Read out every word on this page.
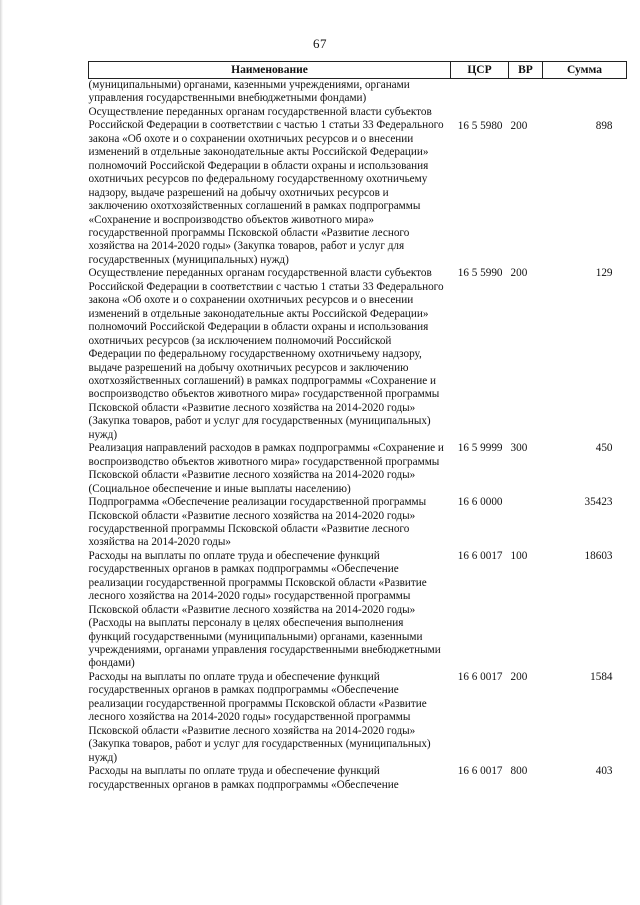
67
Наименование	ЦСР	ВР	Сумма
(муниципальными) органами, казенными учреждениями, органами управления государственными внебюджетными фондами)			
Осуществление переданных органам государственной власти субъектов Российской Федерации в соответствии с частью 1 статьи 33 Федерального закона «Об охоте и о сохранении охотничьих ресурсов и о внесении изменений в отдельные законодательные акты Российской Федерации» полномочий Российской Федерации в области охраны и использования охотничьих ресурсов по федеральному государственному охотничьему надзору, выдаче разрешений на добычу охотничьих ресурсов и заключению охотхозяйственных соглашений в рамках подпрограммы «Сохранение и воспроизводство объектов животного мира» государственной программы Псковской области «Развитие лесного хозяйства на 2014-2020 годы» (Закупка товаров, работ и услуг для государственных (муниципальных) нужд)	16 5 5980	200	898
Осуществление переданных органам государственной власти субъектов Российской Федерации в соответствии с частью 1 статьи 33 Федерального закона «Об охоте и о сохранении охотничьих ресурсов и о внесении изменений в отдельные законодательные акты Российской Федерации» полномочий Российской Федерации в области охраны и использования охотничьих ресурсов (за исключением полномочий Российской Федерации по федеральному государственному охотничьему надзору, выдаче разрешений на добычу охотничьих ресурсов и заключению охотхозяйственных соглашений) в рамках подпрограммы «Сохранение и воспроизводство объектов животного мира» государственной программы Псковской области «Развитие лесного хозяйства на 2014-2020 годы» (Закупка товаров, работ и услуг для государственных (муниципальных) нужд)	16 5 5990	200	129
Реализация направлений расходов в рамках подпрограммы «Сохранение и воспроизводство объектов животного мира» государственной программы Псковской области «Развитие лесного хозяйства на 2014-2020 годы» (Социальное обеспечение и иные выплаты населению)	16 5 9999	300	450
Подпрограмма «Обеспечение реализации государственной программы Псковской области «Развитие лесного хозяйства на 2014-2020 годы» государственной программы Псковской области «Развитие лесного хозяйства на 2014-2020 годы»	16 6 0000		35423
Расходы на выплаты по оплате труда и обеспечение функций государственных органов в рамках подпрограммы «Обеспечение реализации государственной программы Псковской области «Развитие лесного хозяйства на 2014-2020 годы» государственной программы Псковской области «Развитие лесного хозяйства на 2014-2020 годы» (Расходы на выплаты персоналу в целях обеспечения выполнения функций государственными (муниципальными) органами, казенными учреждениями, органами управления государственными внебюджетными фондами)	16 6 0017	100	18603
Расходы на выплаты по оплате труда и обеспечение функций государственных органов в рамках подпрограммы «Обеспечение реализации государственной программы Псковской области «Развитие лесного хозяйства на 2014-2020 годы» государственной программы Псковской области «Развитие лесного хозяйства на 2014-2020 годы» (Закупка товаров, работ и услуг для государственных (муниципальных) нужд)	16 6 0017	200	1584
Расходы на выплаты по оплате труда и обеспечение функций государственных органов в рамках подпрограммы «Обеспечение	16 6 0017	800	403
